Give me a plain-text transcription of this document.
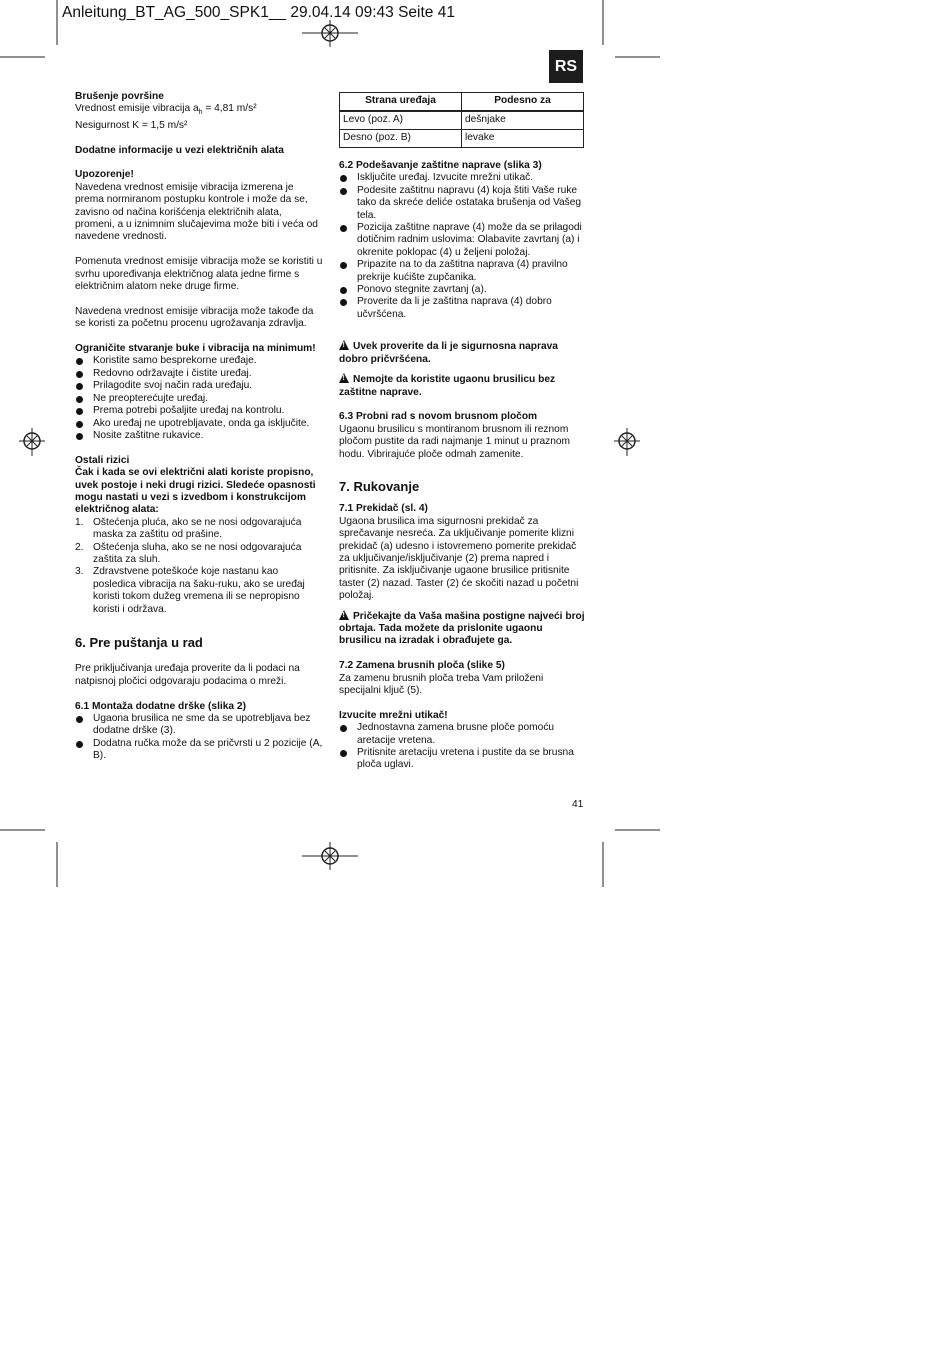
Anleitung_BT_AG_500_SPK1__ 29.04.14 09:43 Seite 41
RS

Brušenje površine

Vrednost emisije vibracija $a_h = 4,81$ m/s²

Nesigurnost K = 1,5 m/s²

Dodatne informacije u vezi električnih alata

Upozorenje!

Navedena vrednost emisije vibracija izmerena je prema normiranom postupku kontrole i može da se, zavisno od načina korišćenja električnih alata, promeni, a u iznimnim slučajevima može biti i veća od navedene vrednosti.

Pomenuta vrednost emisije vibracija može se koristiti u svrhu upoređivanja električnog alata jedne firme s električnim alatom neke druge firme.

Navedena vrednost emisije vibracija može takođe da se koristi za početnu procenu ugrožavanja zdravlja.

Ograničite stvaranje buke i vibracija na minimum!

Koristite samo besprekorne uređaje.
Redovno održavajte i čistite uređaj.
Prilagodite svoj način rada uređaju.
Ne preopterećujte uređaj.
Prema potrebi pošaljite uređaj na kontrolu.
Ako uređaj ne upotrebljavate, onda ga isključite.
Nosite zaštitne rukavice.

Ostali rizici

Čak i kada se ovi električni alati koriste propisno, uvek postoje i neki drugi rizici. Sledeće opasnosti mogu nastati u vezi s izvedbom i konstrukcijom električnog alata:

1. Oštećenja pluća, ako se ne nosi odgovarajuća maska za zaštitu od prašine.
2. Oštećenja sluha, ako se ne nosi odgovarajuća zaštita za sluh.
3. Zdravstvene poteškoće koje nastanu kao posledica vibracija na šaku-ruku, ako se uređaj koristi tokom dužeg vremena ili se nepropisno koristi i održava.

6. Pre puštanja u rad

Pre priključivanja uređaja proverite da li podaci na natpisnoj pločici odgovaraju podacima o mreži.

6.1 Montaža dodatne drške (slika 2)

Ugaona brusilica ne sme da se upotrebljava bez dodatne drške (3).
Dodatna ručka može da se pričvrsti u 2 pozicije (A, B).
Strana uređaja	Podesno za
Levo (poz. A)	dešnjake
Desno (poz. B)	levake

6.2 Podešavanje zaštitne naprave (slika 3)

Isključite uređaj. Izvucite mrežni utikač.
Podesite zaštitnu napravu (4) koja štiti Vaše ruke tako da skreće deliće ostataka brušenja od Vašeg tela.
Pozicija zaštitne naprave (4) može da se prilagodi dotičnim radnim uslovima: Olabavite zavrtanj (a) i okrenite poklopac (4) u željeni položaj.
Pripazite na to da zaštitna naprava (4) pravilno prekrije kućište zupčanika.
Ponovo stegnite zavrtanj (a).
Proverite da li je zaštitna naprava (4) dobro učvršćena.

!Uvek proverite da li je sigurnosna naprava dobro pričvršćena.

!Nemojte da koristite ugaonu brusilicu bez zaštitne naprave.

6.3 Probni rad s novom brusnom pločom

Ugaonu brusilicu s montiranom brusnom ili reznom pločom pustite da radi najmanje 1 minut u praznom hodu. Vibrirajuće ploče odmah zamenite.

7. Rukovanje

7.1 Prekidač (sl. 4)

Ugaona brusilica ima sigurnosni prekidač za sprečavanje nesreća. Za uključivanje pomerite klizni prekidač (a) udesno i istovremeno pomerite prekidač za uključivanje/isključivanje (2) prema napred i pritisnite. Za isključivanje ugaone brusilice pritisnite taster (2) nazad. Taster (2) će skočiti nazad u početni položaj.

!Pričekajte da Vaša mašina postigne najveći broj obrtaja. Tada možete da prislonite ugaonu brusilicu na izradak i obrađujete ga.

7.2 Zamena brusnih ploča (slike 5)

Za zamenu brusnih ploča treba Vam priloženi specijalni ključ (5).

Izvucite mrežni utikač!

Jednostavna zamena brusne ploče pomoću aretacije vretena.
Pritisnite aretaciju vretena i pustite da se brusna ploča uglavi.
41
